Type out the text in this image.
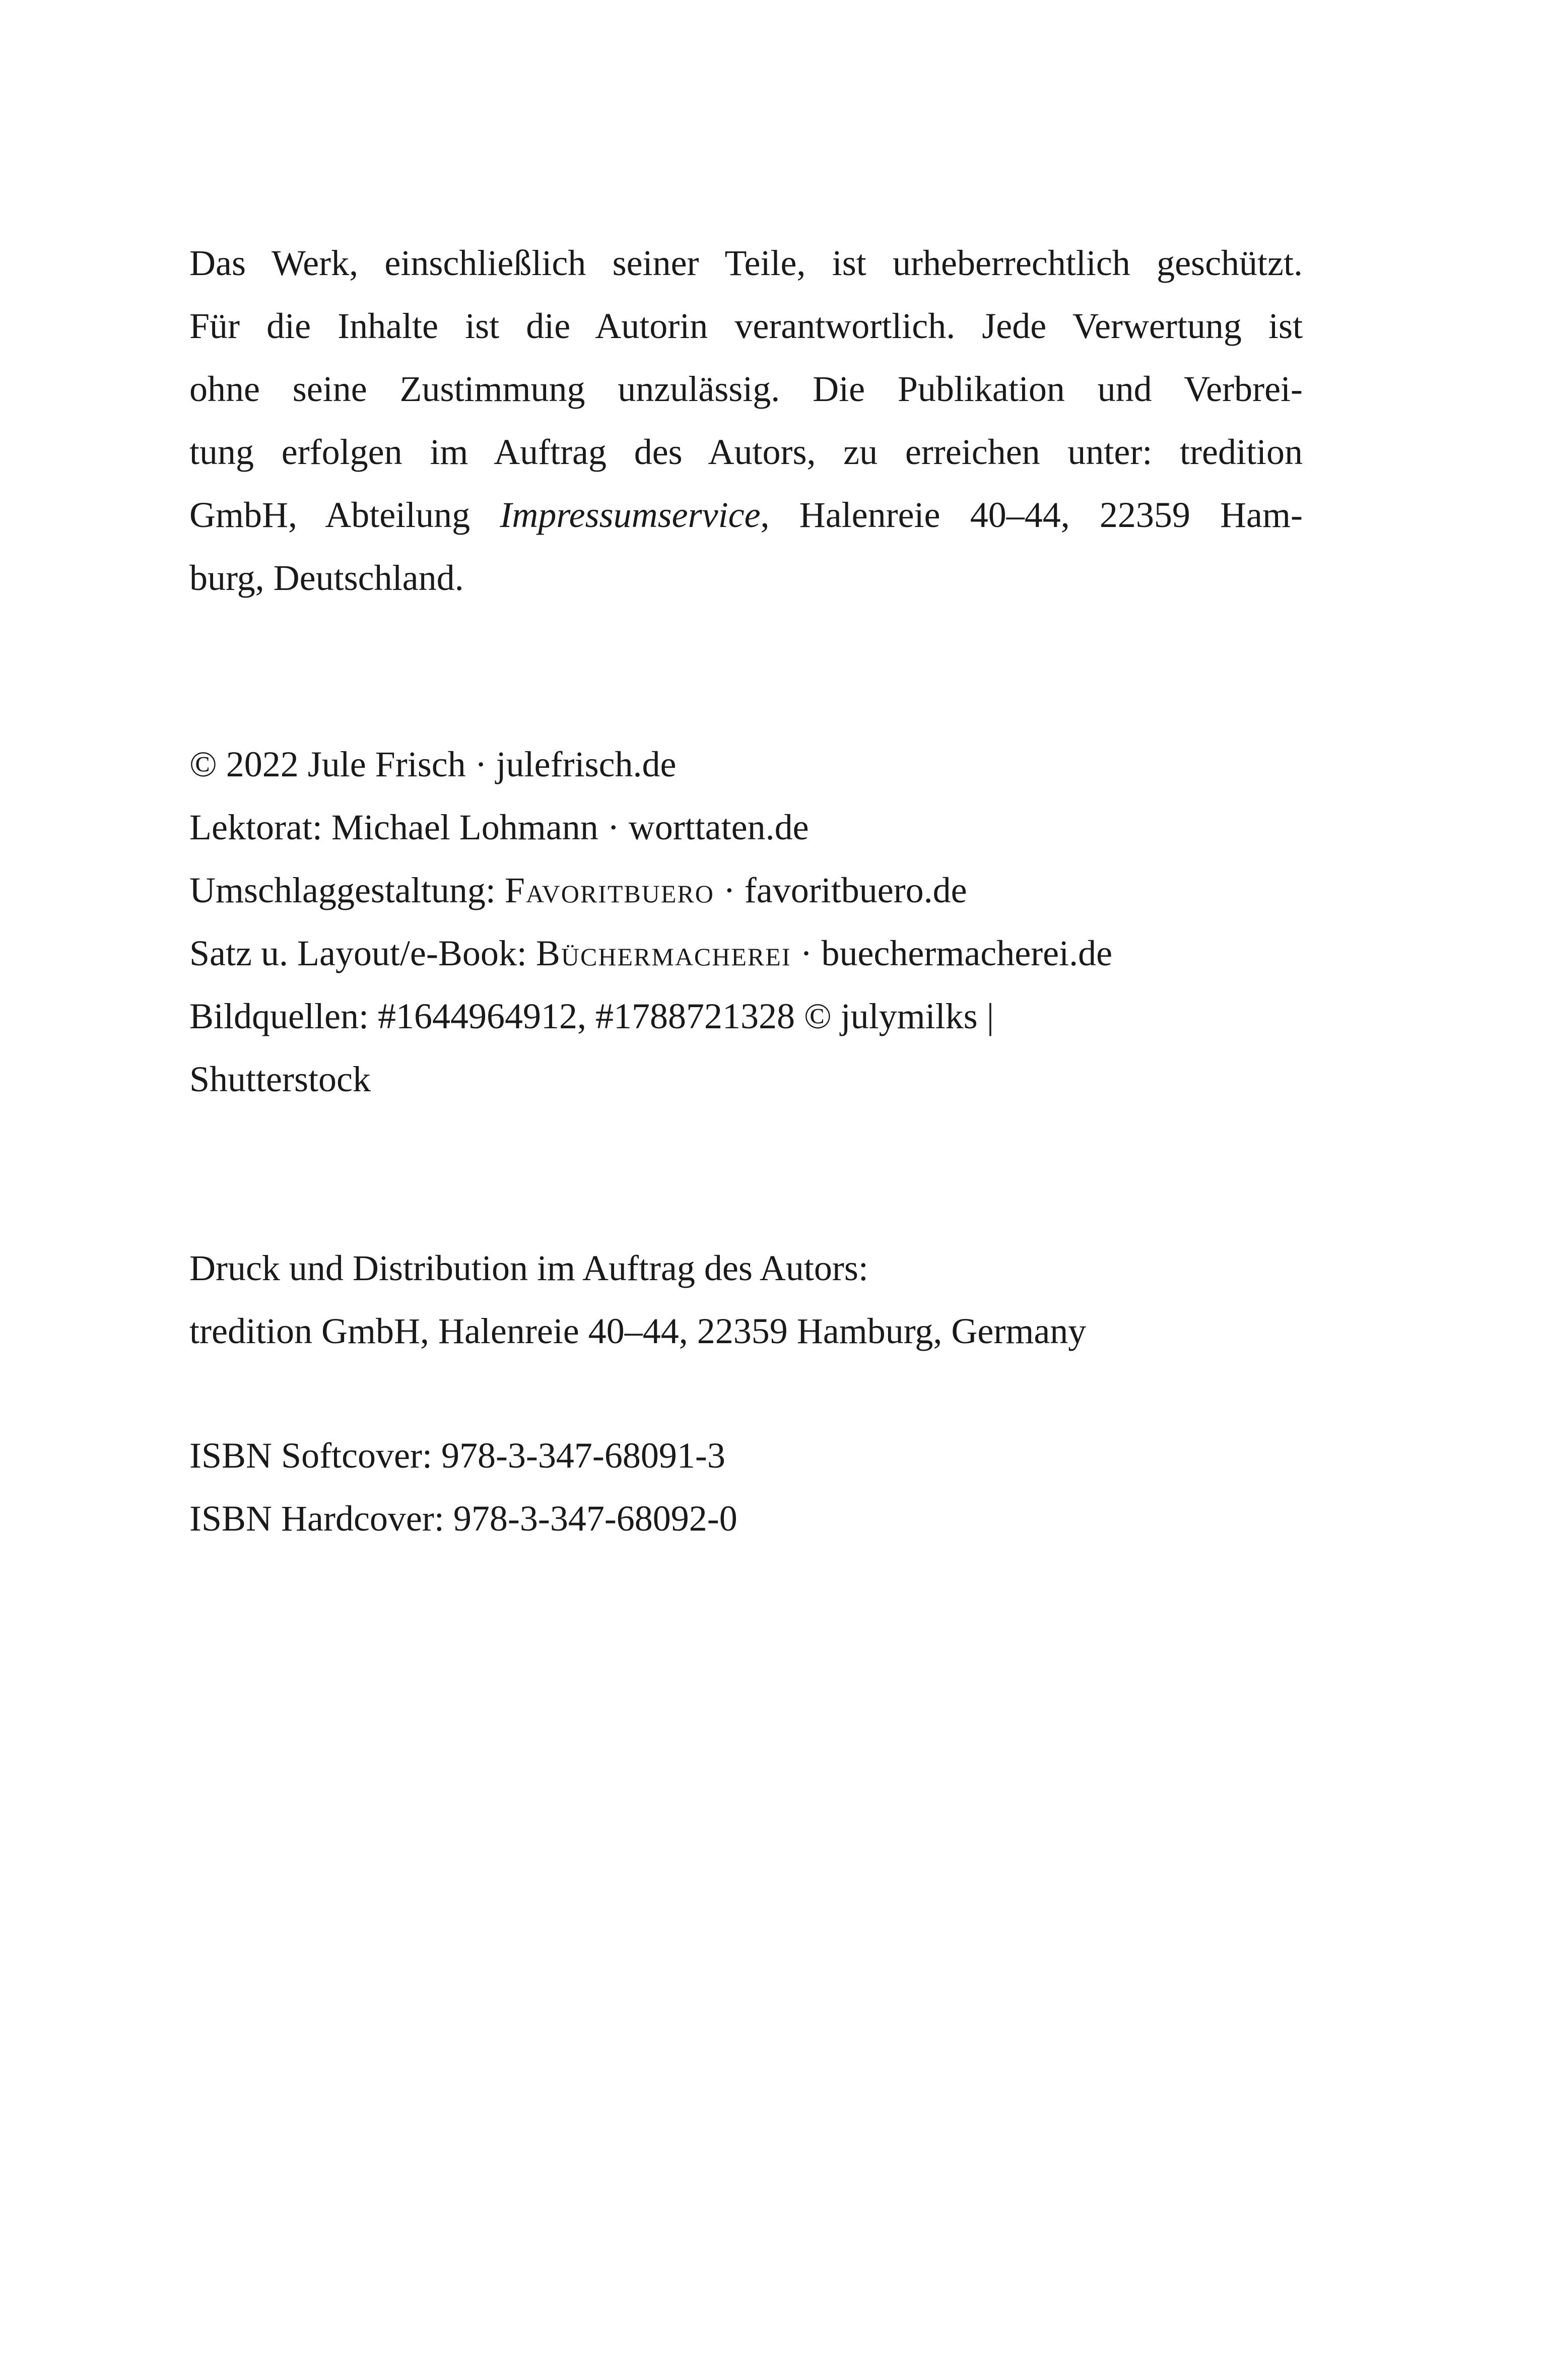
Das Werk, einschließlich seiner Teile, ist urheberrechtlich geschützt.
Für die Inhalte ist die Autorin verantwortlich. Jede Verwertung ist
ohne seine Zustimmung unzulässig. Die Publikation und Verbrei-
tung erfolgen im Auftrag des Autors, zu erreichen unter: tredition
GmbH, Abteilung Impressumservice, Halenreie 40–44, 22359 Ham-
burg, Deutschland.
© 2022 Jule Frisch · julefrisch.de
Lektorat: Michael Lohmann · worttaten.de
Umschlaggestaltung: Favoritbuero · favoritbuero.de
Satz u. Layout/e-Book: Büchermacherei · buechermacherei.de
Bildquellen: #1644964912, #1788721328 © julymilks |
Shutterstock
Druck und Distribution im Auftrag des Autors:
tredition GmbH, Halenreie 40–44, 22359 Hamburg, Germany
ISBN Softcover: 978-3-347-68091-3
ISBN Hardcover: 978-3-347-68092-0
